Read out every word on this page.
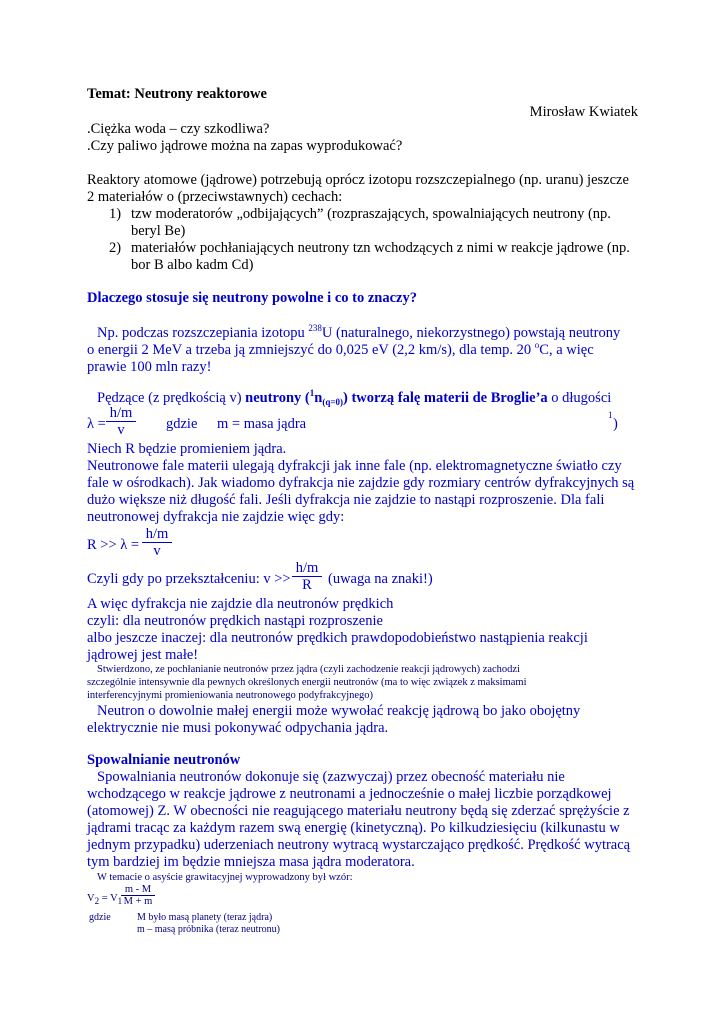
Temat: Neutrony reaktorowe
Mirosław Kwiatek
.Ciężka woda – czy szkodliwa?
.Czy paliwo jądrowe można na zapas wyprodukować?
Reaktory atomowe (jądrowe) potrzebują oprócz izotopu rozszczepialnego (np. uranu) jeszcze
2 materiałów o (przeciwstawnych) cechach:
1) tzw moderatorów „odbijających” (rozpraszających, spowalniających neutrony (np.
beryl Be)
2) materiałów pochłaniających neutrony tzn wchodzących z nimi w reakcje jądrowe (np.
bor B albo kadm Cd)
Dlaczego stosuje się neutrony powolne i co to znaczy?
Np. podczas rozszczepiania izotopu $^{238}$U (naturalnego, niekorzystnego) powstają neutrony
o energii 2 MeV a trzeba ją zmniejszyć do 0,025 eV (2,2 km/s), dla temp. 20 $^o$C, a więc
prawie 100 mln razy!
Pędzące (z prędkością v) neutrony $(^1n_{(q=0)})$ tworzą falę materii de Broglie’a o długości
λ =
h/m
v	gdzie m = masa jądra
$^1$
)
Niech R będzie promieniem jądra.
Neutronowe fale materii ulegają dyfrakcji jak inne fale (np. elektromagnetyczne światło czy
fale w ośrodkach). Jak wiadomo dyfrakcja nie zajdzie gdy rozmiary centrów dyfrakcyjnych są
dużo większe niż długość fali. Jeśli dyfrakcja nie zajdzie to nastąpi rozproszenie. Dla fali
neutronowej dyfrakcja nie zajdzie więc gdy:
R >> λ =
h/m
v
Czyli gdy po przekształceniu: v >>
h/m
R	(uwaga na znaki!)
A więc dyfrakcja nie zajdzie dla neutronów prędkich
czyli: dla neutronów prędkich nastąpi rozproszenie
albo jeszcze inaczej: dla neutronów prędkich prawdopodobieństwo nastąpienia reakcji
jądrowej jest małe!
Stwierdzono, ze pochłanianie neutronów przez jądra (czyli zachodzenie reakcji jądrowych) zachodzi
szczególnie intensywnie dla pewnych określonych energii neutronów (ma to więc związek z maksimami
interferencyjnymi promieniowania neutronowego podyfrakcyjnego)
Neutron o dowolnie małej energii może wywołać reakcję jądrową bo jako obojętny
elektrycznie nie musi pokonywać odpychania jądra.
Spowalnianie neutronów
Spowalniania neutronów dokonuje się (zazwyczaj) przez obecność materiału nie
wchodzącego w reakcje jądrowe z neutronami a jednocześnie o małej liczbie porządkowej
(atomowej) Z. W obecności nie reagującego materiału neutrony będą się zderzać sprężyście z
jądrami tracąc za każdym razem swą energię (kinetyczną). Po kilkudziesięciu (kilkunastu w
jednym przypadku) uderzeniach neutrony wytracą wystarczająco prędkość. Prędkość wytracą
tym bardziej im będzie mniejsza masa jądra moderatora.
W temacie o asyście grawitacyjnej wyprowadzony był wzór:
$V_2 = V_1$
m - M
M + m
gdzie	M było masą planety (teraz jądra)
m – masą próbnika (teraz neutronu)
